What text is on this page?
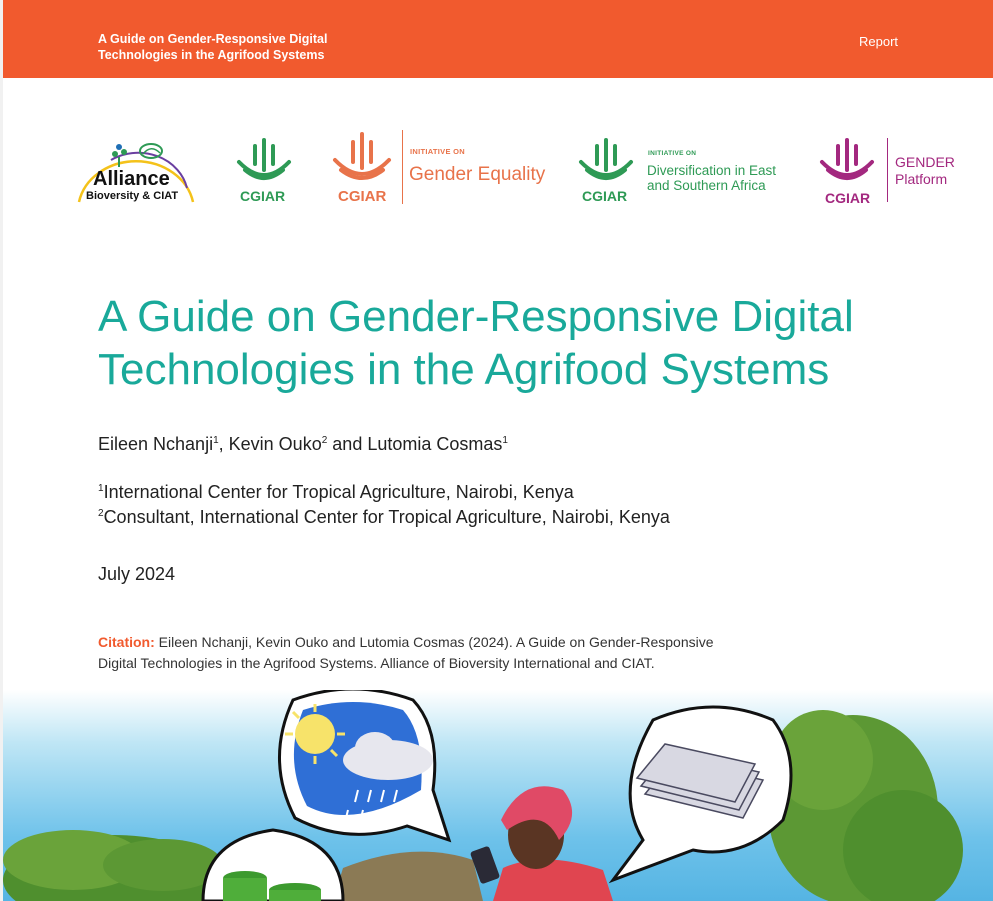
A Guide on Gender-Responsive Digital
Technologies in the Agrifood Systems
Report
Alliance
Bioversity & CIAT	CGIAR	CGIAR
INITIATIVE ON
Gender Equality
CGIAR
INITIATIVE ON
Diversification in East
and Southern Africa
CGIAR
GENDER
Platform
A Guide on Gender-Responsive Digital
Technologies in the Agrifood Systems
Eileen Nchanji$^1$, Kevin Ouko$^2$ and Lutomia Cosmas$^1$
$^1$International Center for Tropical Agriculture, Nairobi, Kenya
$^2$Consultant, International Center for Tropical Agriculture, Nairobi, Kenya
July 2024
Citation: Eileen Nchanji, Kevin Ouko and Lutomia Cosmas (2024). A Guide on Gender-Responsive
Digital Technologies in the Agrifood Systems. Alliance of Bioversity International and CIAT.
